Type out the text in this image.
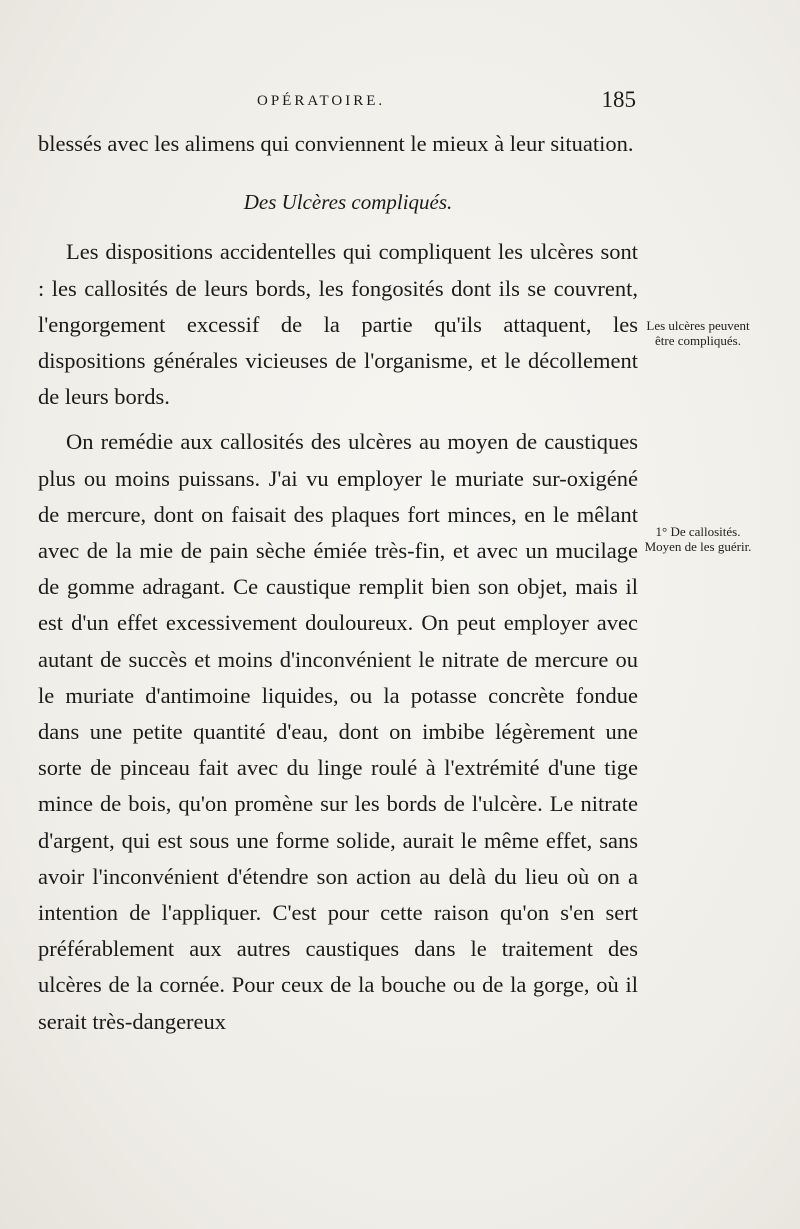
OPÉRATOIRE.	185

blessés avec les alimens qui conviennent le mieux à leur situation.

Des Ulcères compliqués.

Les dispositions accidentelles qui compliquent les ulcères sont : les callosités de leurs bords, les fongosités dont ils se couvrent, l'engorgement excessif de la partie qu'ils attaquent, les dispositions générales vicieuses de l'organisme, et le décollement de leurs bords.

On remédie aux callosités des ulcères au moyen de caustiques plus ou moins puissans. J'ai vu employer le muriate sur-oxigéné de mercure, dont on faisait des plaques fort minces, en le mêlant avec de la mie de pain sèche émiée très-fin, et avec un mucilage de gomme adragant. Ce caustique remplit bien son objet, mais il est d'un effet excessivement douloureux. On peut employer avec autant de succès et moins d'inconvénient le nitrate de mercure ou le muriate d'antimoine liquides, ou la potasse concrète fondue dans une petite quantité d'eau, dont on imbibe légèrement une sorte de pinceau fait avec du linge roulé à l'extrémité d'une tige mince de bois, qu'on promène sur les bords de l'ulcère. Le nitrate d'argent, qui est sous une forme solide, aurait le même effet, sans avoir l'inconvénient d'étendre son action au delà du lieu où on a intention de l'appliquer. C'est pour cette raison qu'on s'en sert préférablement aux autres caustiques dans le traitement des ulcères de la cornée. Pour ceux de la bouche ou de la gorge, où il serait très-dangereux

Les ulcères peuvent être compliqués.
1° De callosités. Moyen de les guérir.
